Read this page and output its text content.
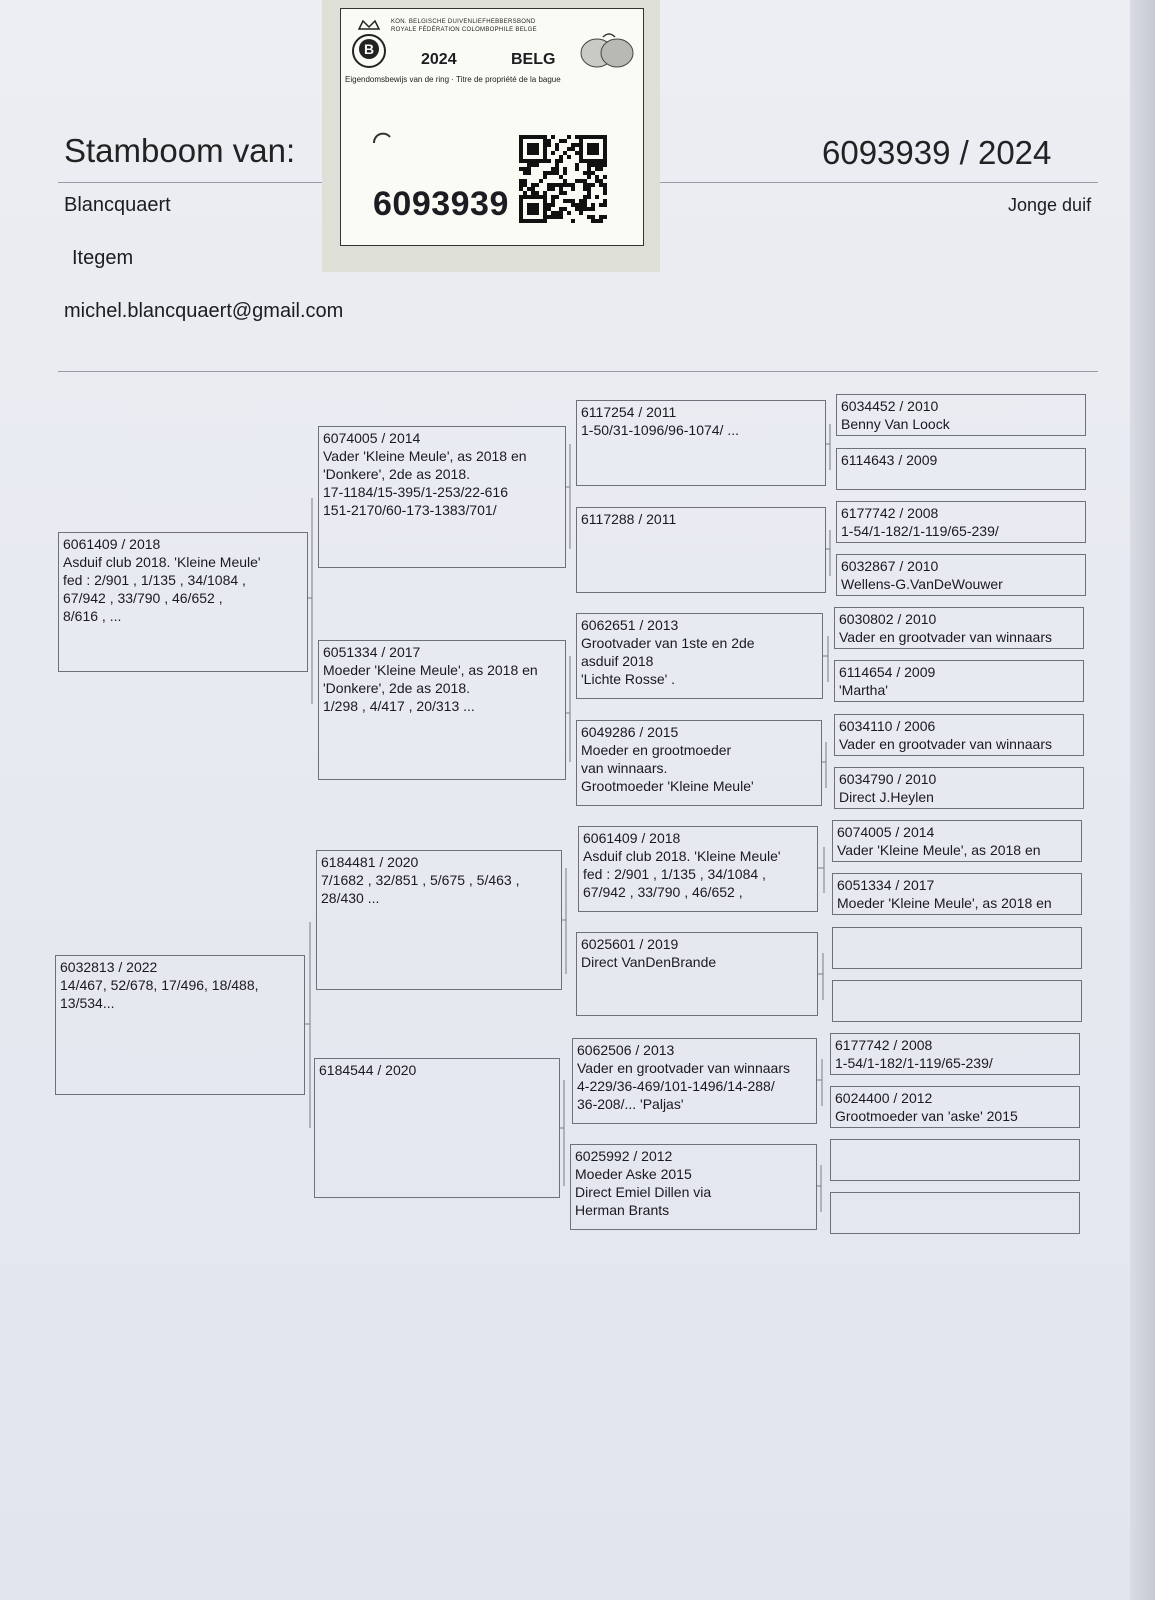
Stamboom van:	6093939 / 2024
Blancquaert
Itegem
michel.blancquaert@gmail.com
Jonge duif
B
KON. BELGISCHE DUIVENLIEFHEBBERSBOND
ROYALE FÉDÉRATION COLOMBOPHILE BELGE
2024	BELG
Eigendomsbewijs van de ring · Titre de propriété de la bague
6093939
6061409 / 2018
Asduif club 2018. 'Kleine Meule'
fed : 2/901 , 1/135 , 34/1084 ,
67/942 , 33/790 , 46/652 ,
8/616 , ...
6032813 / 2022
14/467, 52/678, 17/496, 18/488,
13/534...
6074005 / 2014
Vader 'Kleine Meule', as 2018 en
'Donkere', 2de as 2018.
17-1184/15-395/1-253/22-616
151-2170/60-173-1383/701/
6051334 / 2017
Moeder 'Kleine Meule', as 2018 en
'Donkere', 2de as 2018.
1/298 , 4/417 , 20/313 ...
6184481 / 2020
7/1682 , 32/851 , 5/675 , 5/463 ,
28/430 ...
6184544 / 2020
6117254 / 2011
1-50/31-1096/96-1074/ ...
6117288 / 2011
6062651 / 2013
Grootvader van 1ste en 2de
asduif 2018
'Lichte Rosse' .
6049286 / 2015
Moeder en grootmoeder
van winnaars.
Grootmoeder 'Kleine Meule'
6061409 / 2018
Asduif club 2018. 'Kleine Meule'
fed : 2/901 , 1/135 , 34/1084 ,
67/942 , 33/790 , 46/652 ,
6025601 / 2019
Direct VanDenBrande
6062506 / 2013
Vader en grootvader van winnaars
4-229/36-469/101-1496/14-288/
36-208/... 'Paljas'
6025992 / 2012
Moeder Aske 2015
Direct Emiel Dillen via
Herman Brants
6034452 / 2010
Benny Van Loock
6114643 / 2009
6177742 / 2008
1-54/1-182/1-119/65-239/
6032867 / 2010
Wellens-G.VanDeWouwer
6030802 / 2010
Vader en grootvader van winnaars
6114654 / 2009
'Martha'
6034110 / 2006
Vader en grootvader van winnaars
6034790 / 2010
Direct J.Heylen
6074005 / 2014
Vader 'Kleine Meule', as 2018 en
6051334 / 2017
Moeder 'Kleine Meule', as 2018 en
6177742 / 2008
1-54/1-182/1-119/65-239/
6024400 / 2012
Grootmoeder van 'aske' 2015
